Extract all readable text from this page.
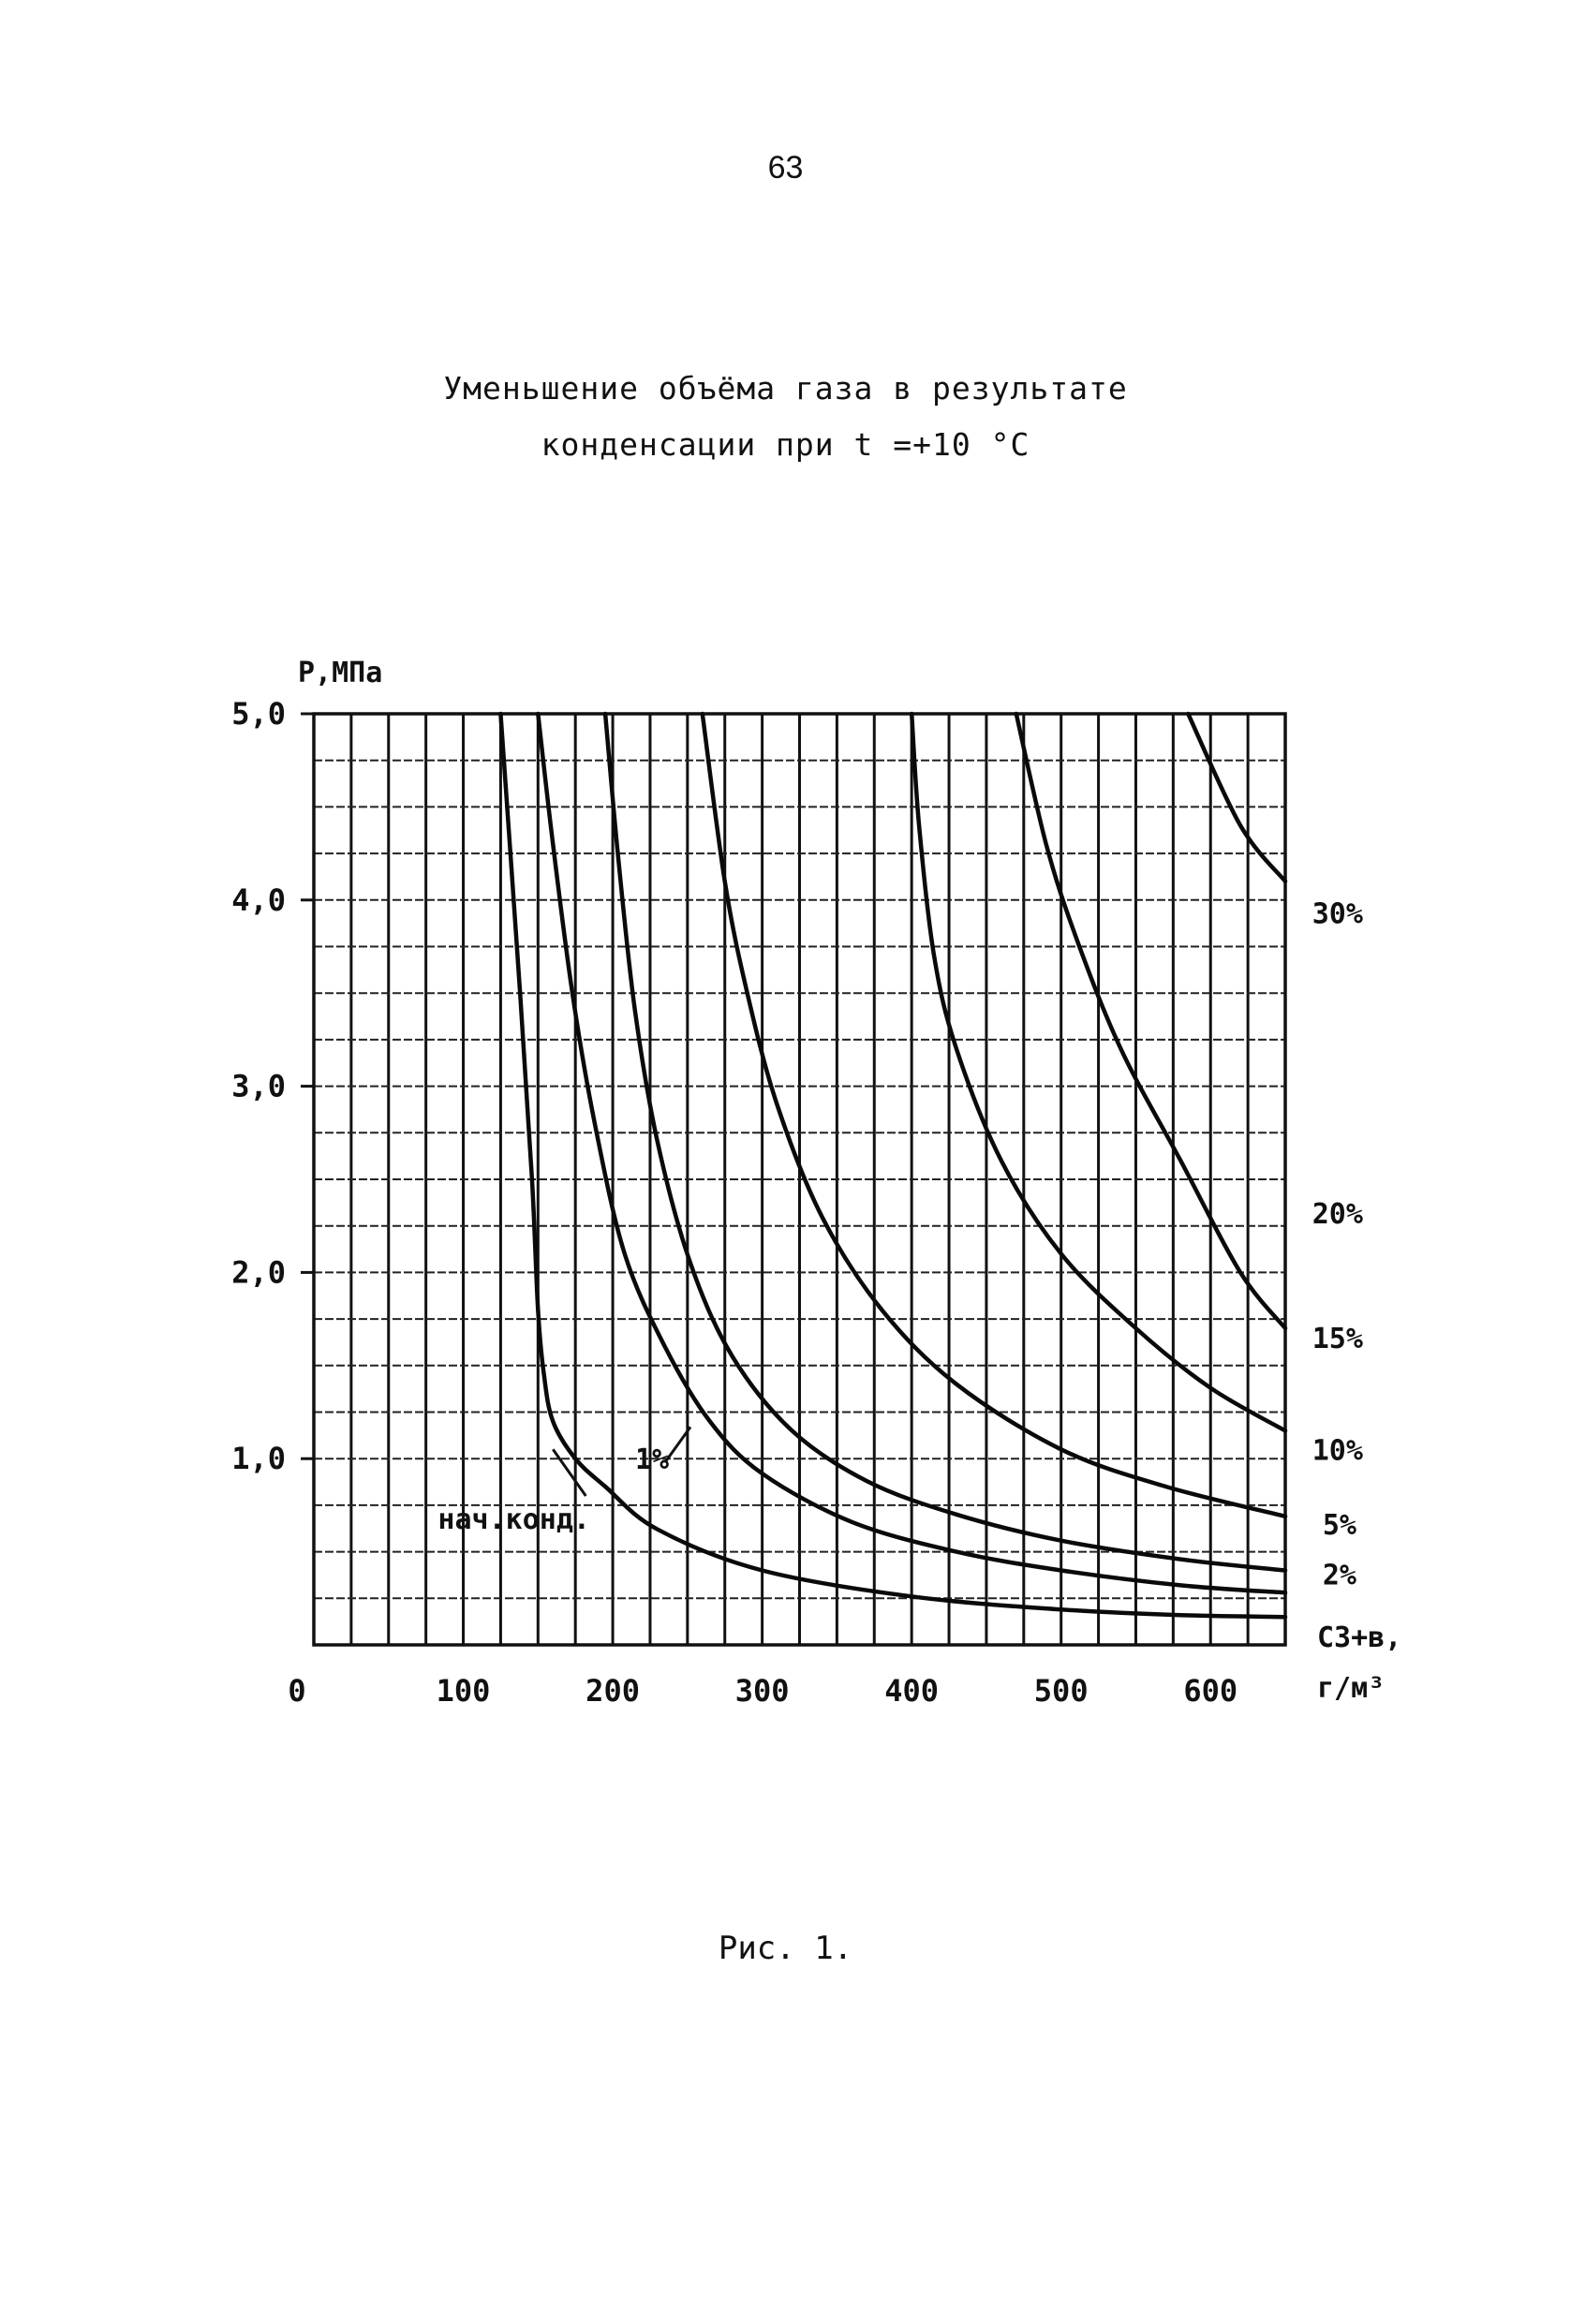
63
Уменьшение объёма газа в результате
конденсации при t =+10 °C
1,0
2,0
3,0
4,0
5,0
0	100	200	300	400	500	600
Р,МПа
С3+в,
г/м³
30%
20%
15%
10%
5%
2%
1%
нач.конд.
Рис. 1.
